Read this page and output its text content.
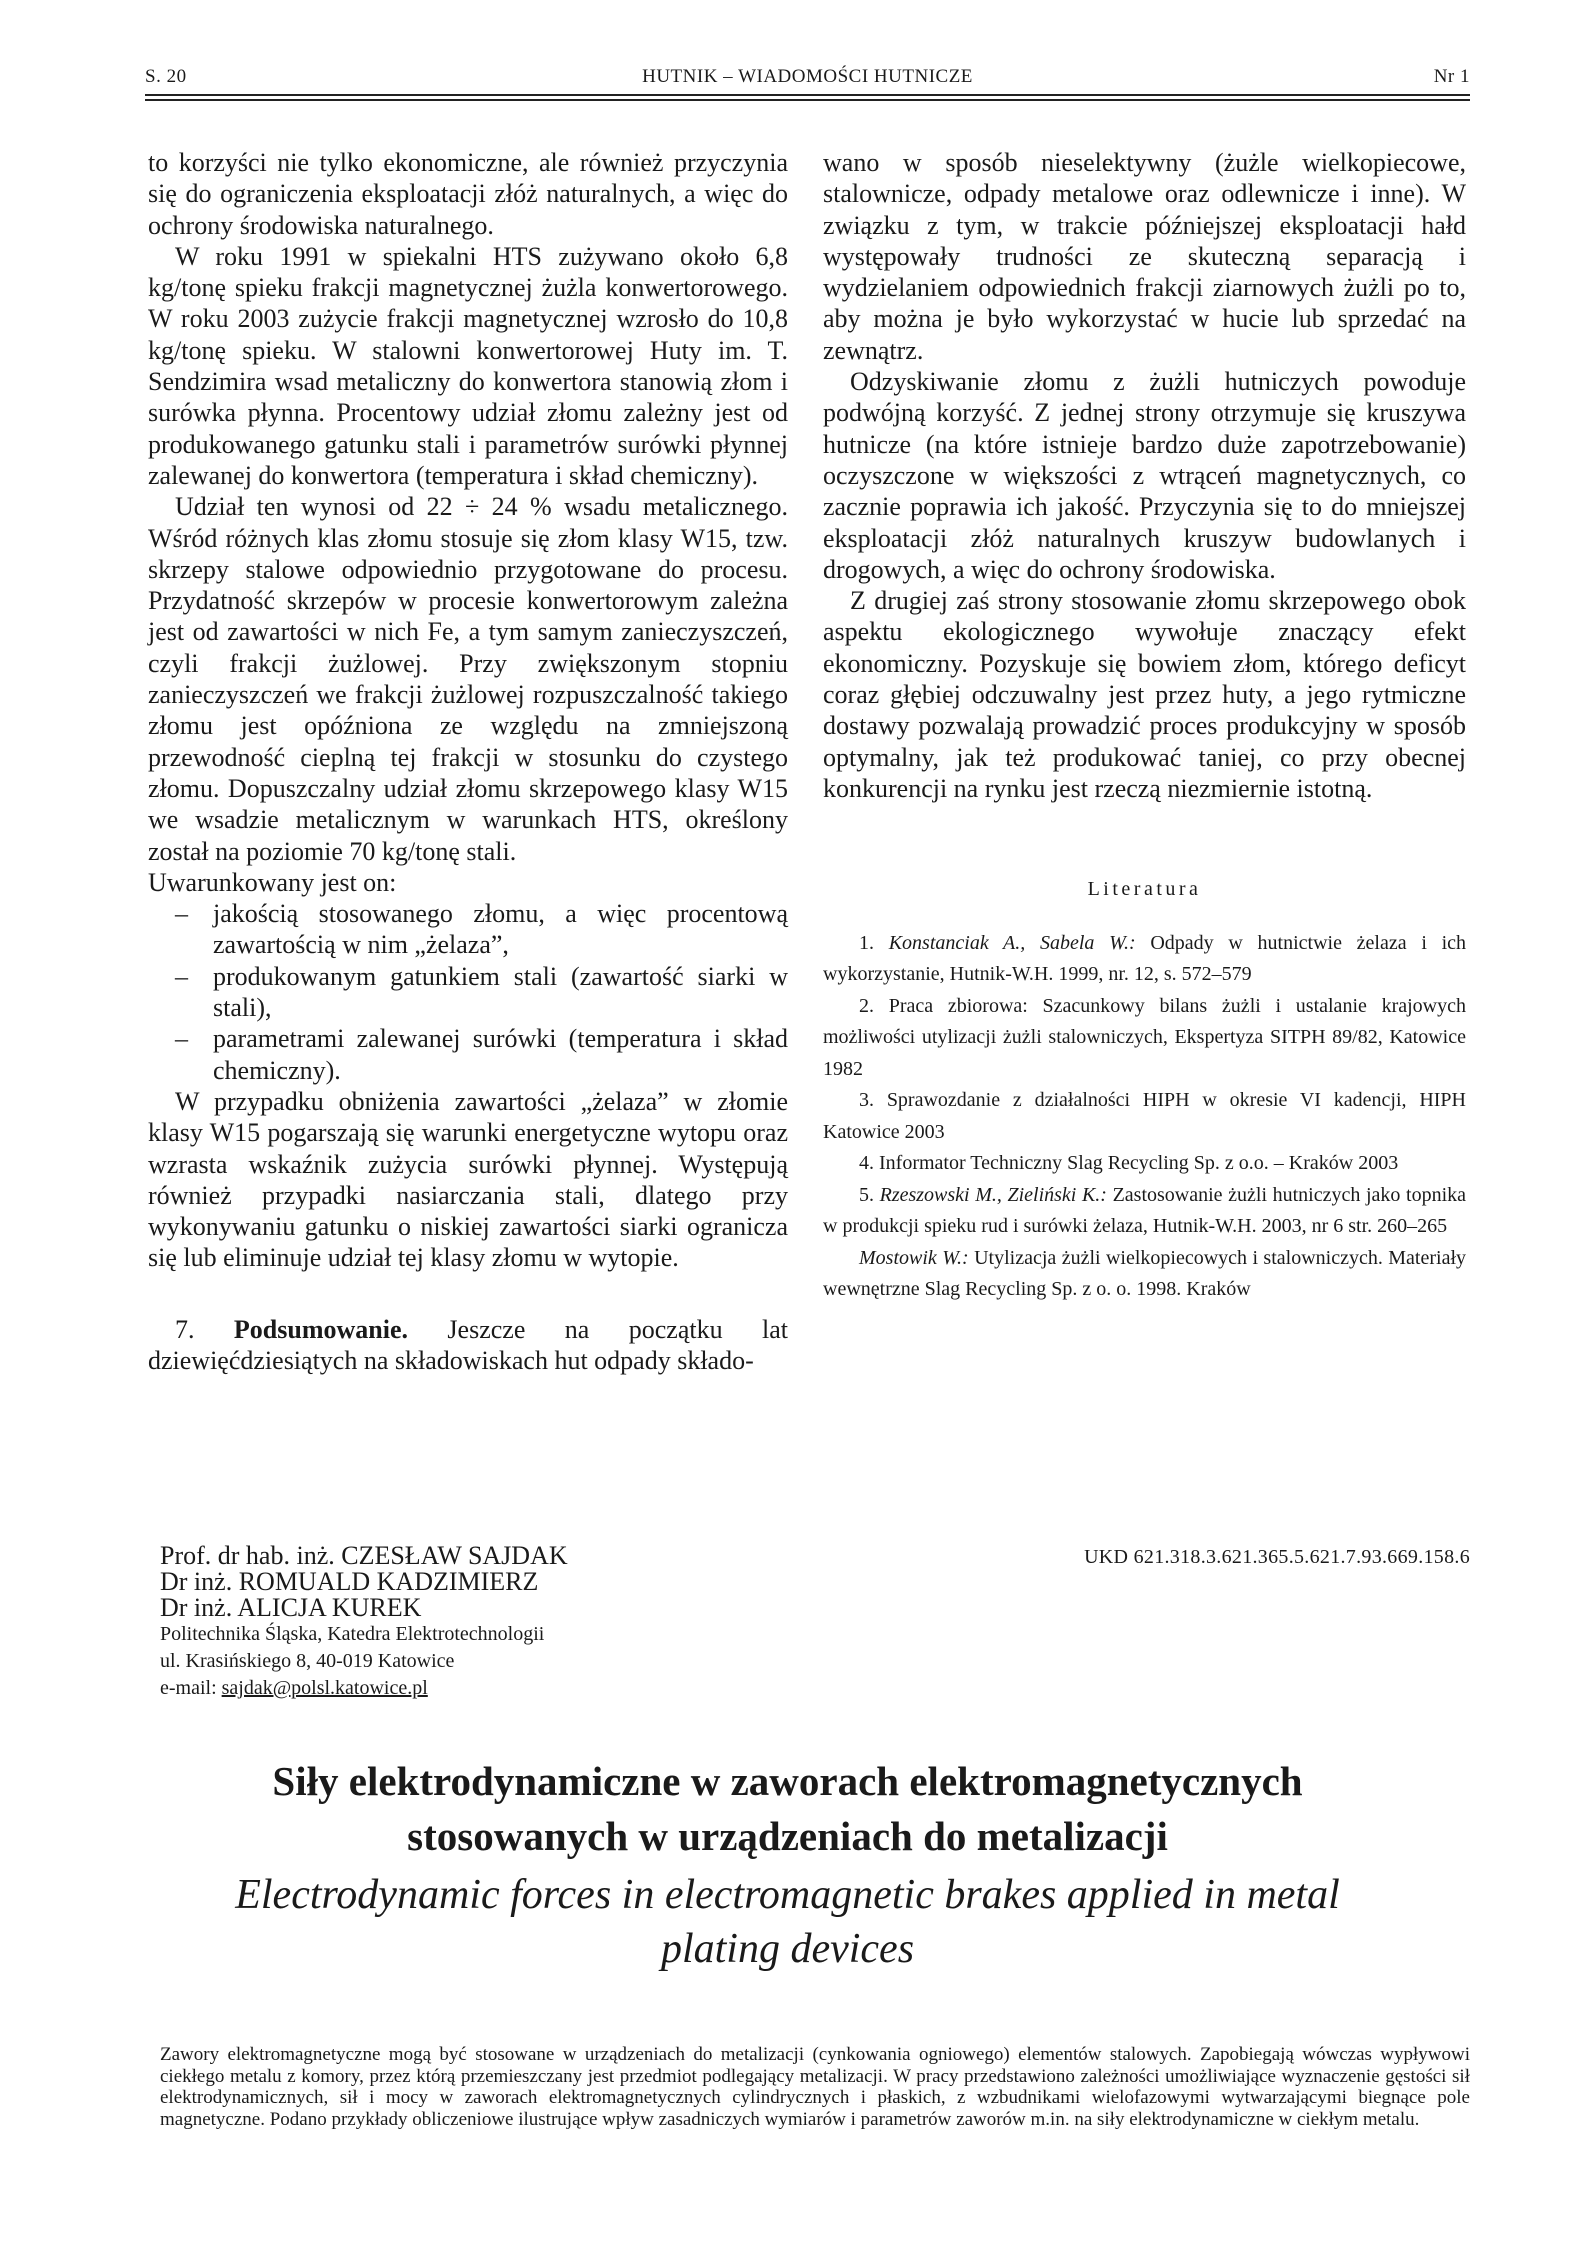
S. 20	HUTNIK – WIADOMOŚCI HUTNICZE	Nr 1

to korzyści nie tylko ekonomiczne, ale również przyczynia się do ograniczenia eksploatacji złóż naturalnych, a więc do ochrony środowiska naturalnego.

W roku 1991 w spiekalni HTS zużywano około 6,8 kg/tonę spieku frakcji magnetycznej żużla konwertorowego. W roku 2003 zużycie frakcji magnetycznej wzrosło do 10,8 kg/tonę spieku. W stalowni konwertorowej Huty im. T. Sendzimira wsad metaliczny do konwertora stanowią złom i surówka płynna. Procentowy udział złomu zależny jest od produkowanego gatunku stali i parametrów surówki płynnej zalewanej do konwertora (temperatura i skład chemiczny).

Udział ten wynosi od 22 ÷ 24 % wsadu metalicznego. Wśród różnych klas złomu stosuje się złom klasy W15, tzw. skrzepy stalowe odpowiednio przygotowane do procesu. Przydatność skrzepów w procesie konwertorowym zależna jest od zawartości w nich Fe, a tym samym zanieczyszczeń, czyli frakcji żużlowej. Przy zwiększonym stopniu zanieczyszczeń we frakcji żużlowej rozpuszczalność takiego złomu jest opóźniona ze względu na zmniejszoną przewodność cieplną tej frakcji w stosunku do czystego złomu. Dopuszczalny udział złomu skrzepowego klasy W15 we wsadzie metalicznym w warunkach HTS, określony został na poziomie 70 kg/tonę stali.

Uwarunkowany jest on:

– jakością stosowanego złomu, a więc procentową zawartością w nim „żelaza”,
– produkowanym gatunkiem stali (zawartość siarki w stali),
– parametrami zalewanej surówki (temperatura i skład chemiczny).

W przypadku obniżenia zawartości „żelaza” w złomie klasy W15 pogarszają się warunki energetyczne wytopu oraz wzrasta wskaźnik zużycia surówki płynnej. Występują również przypadki nasiarczania stali, dlatego przy wykonywaniu gatunku o niskiej zawartości siarki ogranicza się lub eliminuje udział tej klasy złomu w wytopie.

7. Podsumowanie. Jeszcze na początku lat dziewięćdziesiątych na składowiskach hut odpady składo-

wano w sposób nieselektywny (żużle wielkopiecowe, stalownicze, odpady metalowe oraz odlewnicze i inne). W związku z tym, w trakcie późniejszej eksploatacji hałd występowały trudności ze skuteczną separacją i wydzielaniem odpowiednich frakcji ziarnowych żużli po to, aby można je było wykorzystać w hucie lub sprzedać na zewnątrz.

Odzyskiwanie złomu z żużli hutniczych powoduje podwójną korzyść. Z jednej strony otrzymuje się kruszywa hutnicze (na które istnieje bardzo duże zapotrzebowanie) oczyszczone w większości z wtrąceń magnetycznych, co zacznie poprawia ich jakość. Przyczynia się to do mniejszej eksploatacji złóż naturalnych kruszyw budowlanych i drogowych, a więc do ochrony środowiska.

Z drugiej zaś strony stosowanie złomu skrzepowego obok aspektu ekologicznego wywołuje znaczący efekt ekonomiczny. Pozyskuje się bowiem złom, którego deficyt coraz głębiej odczuwalny jest przez huty, a jego rytmiczne dostawy pozwalają prowadzić proces produkcyjny w sposób optymalny, jak też produkować taniej, co przy obecnej konkurencji na rynku jest rzeczą niezmiernie istotną.

Literatura

1. Konstanciak A., Sabela W.: Odpady w hutnictwie żelaza i ich wykorzystanie, Hutnik-W.H. 1999, nr. 12, s. 572–579

2. Praca zbiorowa: Szacunkowy bilans żużli i ustalanie krajowych możliwości utylizacji żużli stalowniczych, Ekspertyza SITPH 89/82, Katowice 1982

3. Sprawozdanie z działalności HIPH w okresie VI kadencji, HIPH Katowice 2003

4. Informator Techniczny Slag Recycling Sp. z o.o. – Kraków 2003

5. Rzeszowski M., Zieliński K.: Zastosowanie żużli hutniczych jako topnika w produkcji spieku rud i surówki żelaza, Hutnik-W.H. 2003, nr 6 str. 260–265

Mostowik W.: Utylizacja żużli wielkopiecowych i stalowniczych. Materiały wewnętrzne Slag Recycling Sp. z o. o. 1998. Kraków

Prof. dr hab. inż. CZESŁAW SAJDAK
Dr inż. ROMUALD KADZIMIERZ
Dr inż. ALICJA KUREK
Politechnika Śląska, Katedra Elektrotechnologii
ul. Krasińskiego 8, 40-019 Katowice
e-mail: sajdak@polsl.katowice.pl
UKD 621.318.3.621.365.5.621.7.93.669.158.6
Siły elektrodynamiczne w zaworach elektromagnetycznych
stosowanych w urządzeniach do metalizacji
Electrodynamic forces in electromagnetic brakes applied in metal
plating devices
Zawory elektromagnetyczne mogą być stosowane w urządzeniach do metalizacji (cynkowania ogniowego) elementów stalowych. Zapobiegają wówczas wypływowi ciekłego metalu z komory, przez którą przemieszczany jest przedmiot podlegający metalizacji. W pracy przedstawiono zależności umożliwiające wyznaczenie gęstości sił elektrodynamicznych, sił i mocy w zaworach elektromagnetycznych cylindrycznych i płaskich, z wzbudnikami wielofazowymi wytwarzającymi biegnące pole magnetyczne. Podano przykłady obliczeniowe ilustrujące wpływ zasadniczych wymiarów i parametrów zaworów m.in. na siły elektrodynamiczne w ciekłym metalu.
